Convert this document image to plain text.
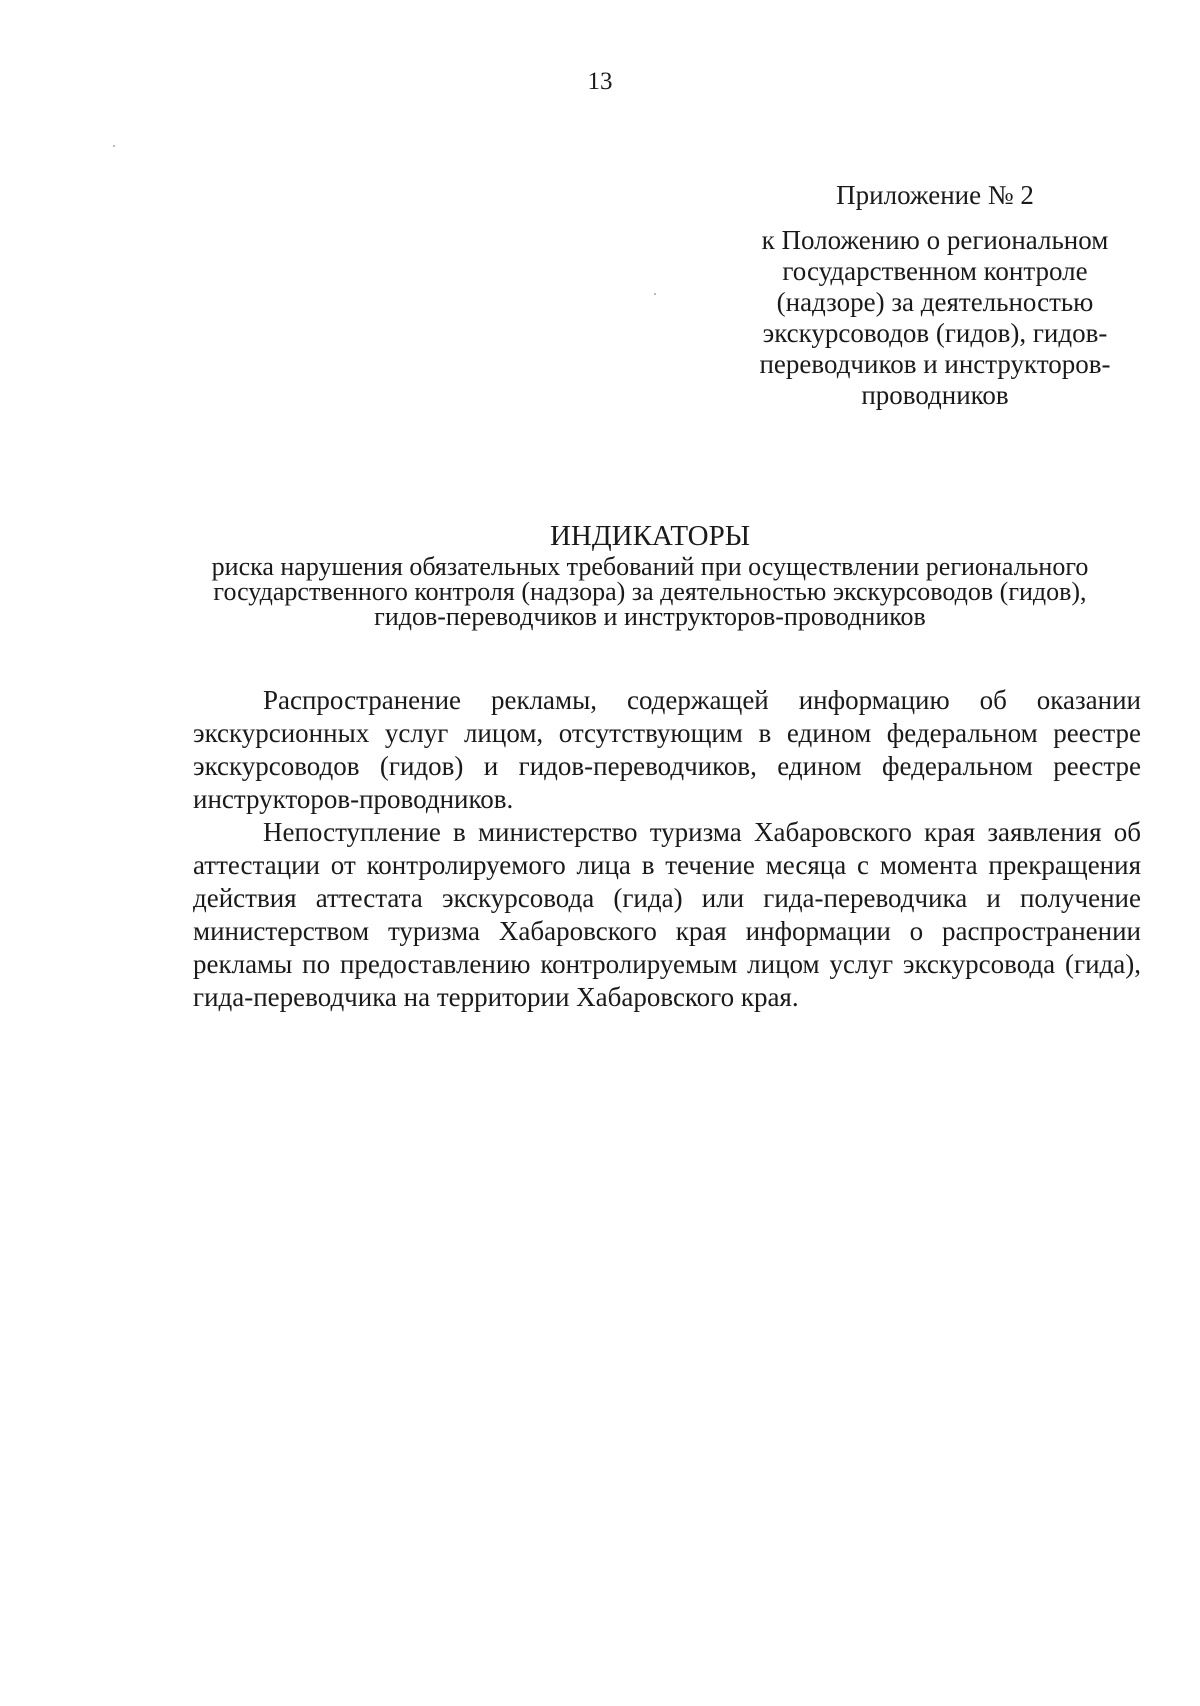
13

Приложение № 2

к Положению о региональном государственном контроле (надзоре) за деятельностью экскурсоводов (гидов), гидов-переводчиков и инструкторов-проводников

ИНДИКАТОРЫ

риска нарушения обязательных требований при осуществлении регионального государственного контроля (надзора) за деятельностью экскурсоводов (гидов), гидов-переводчиков и инструкторов-проводников

Распространение рекламы, содержащей информацию об оказании экскурсионных услуг лицом, отсутствующим в едином федеральном реестре экскурсоводов (гидов) и гидов-переводчиков, едином федеральном реестре инструкторов-проводников.

Непоступление в министерство туризма Хабаровского края заявления об аттестации от контролируемого лица в течение месяца с момента прекращения действия аттестата экскурсовода (гида) или гида-переводчика и получение министерством туризма Хабаровского края информации о распространении рекламы по предоставлению контролируемым лицом услуг экскурсовода (гида), гида-переводчика на территории Хабаровского края.
